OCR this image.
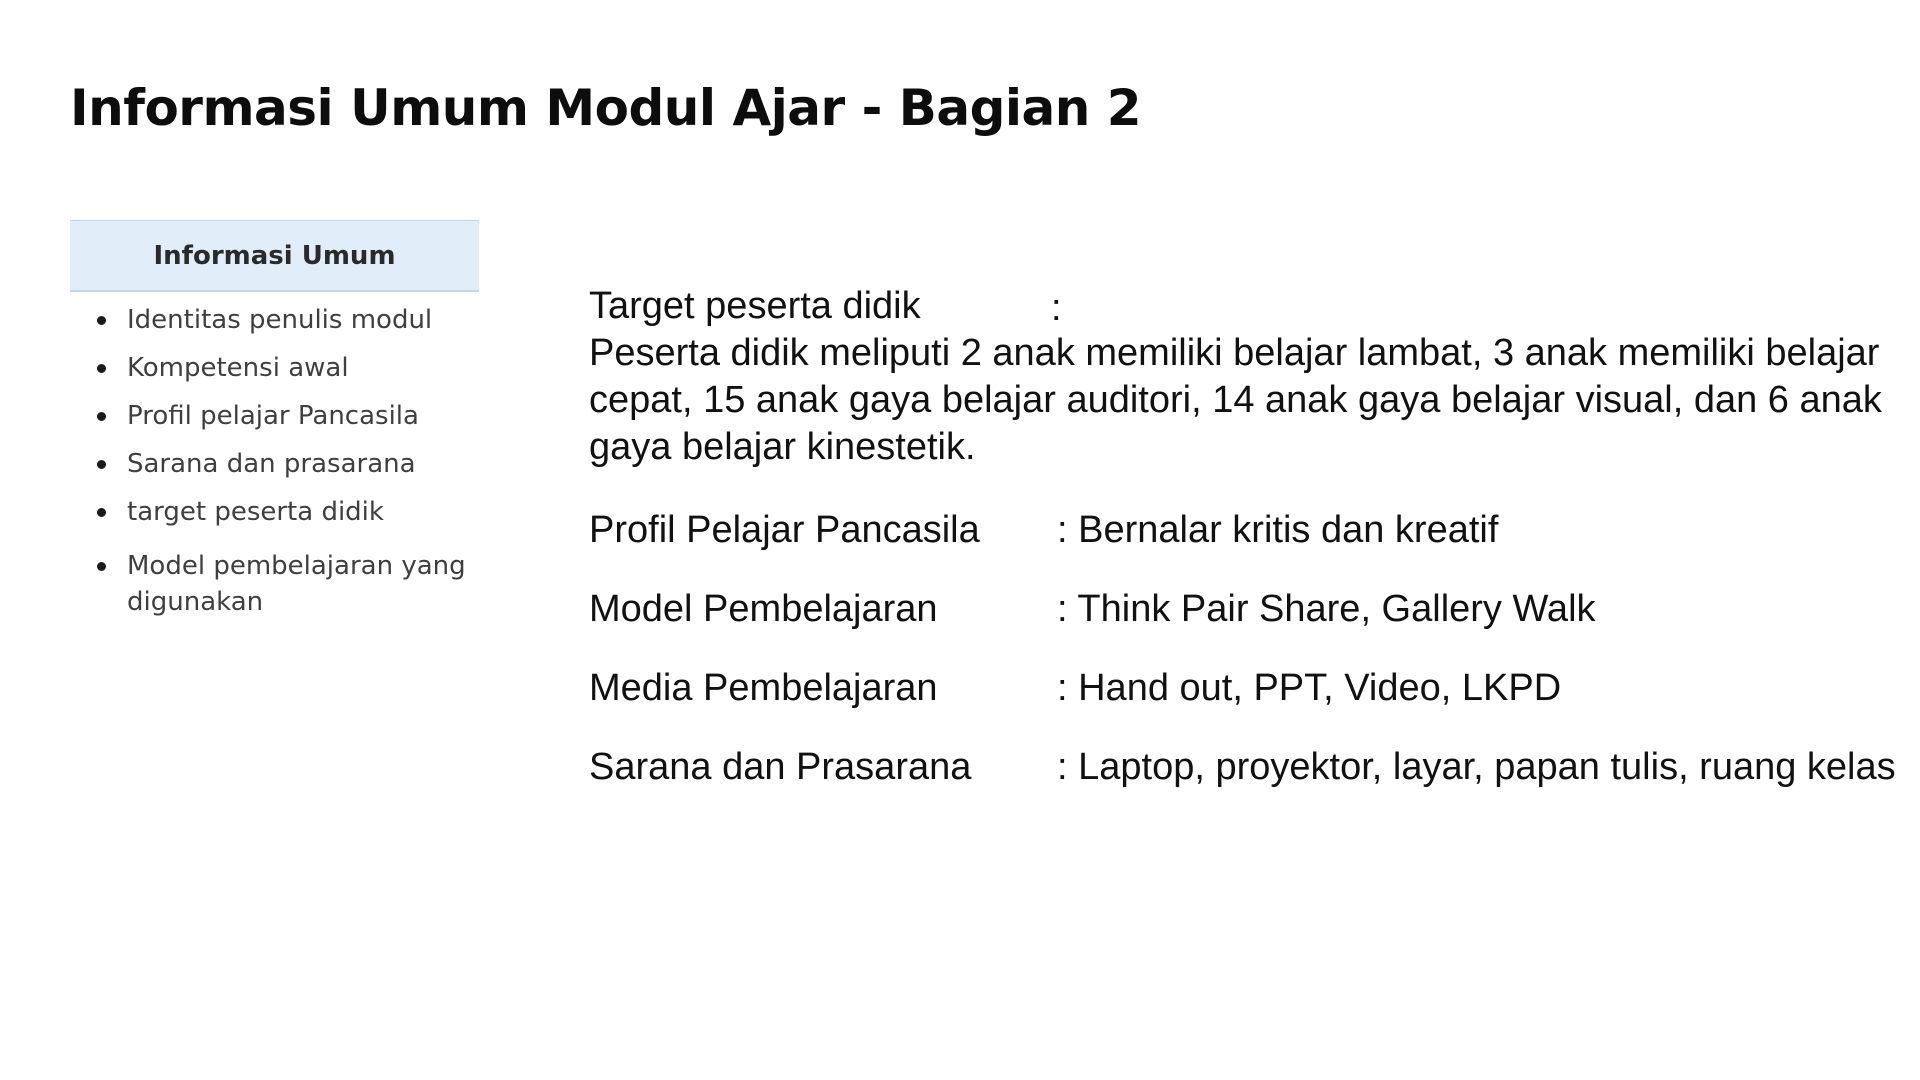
Informasi Umum Modul Ajar - Bagian 2
Informasi Umum
Identitas penulis modul
Kompetensi awal
Profil pelajar Pancasila
Sarana dan prasarana
target peserta didik
Model pembelajaran yang digunakan
Target peserta didik	:

Peserta didik meliputi 2 anak memiliki belajar lambat, 3 anak memiliki belajar cepat, 15 anak gaya belajar auditori, 14 anak gaya belajar visual, dan 6 anak gaya belajar kinestetik.

Profil Pelajar Pancasila : Bernalar kritis dan kreatif
Model Pembelajaran	: Think Pair Share, Gallery Walk
Media Pembelajaran	: Hand out, PPT, Video, LKPD
Sarana dan Prasarana : Laptop, proyektor, layar, papan tulis, ruang kelas
